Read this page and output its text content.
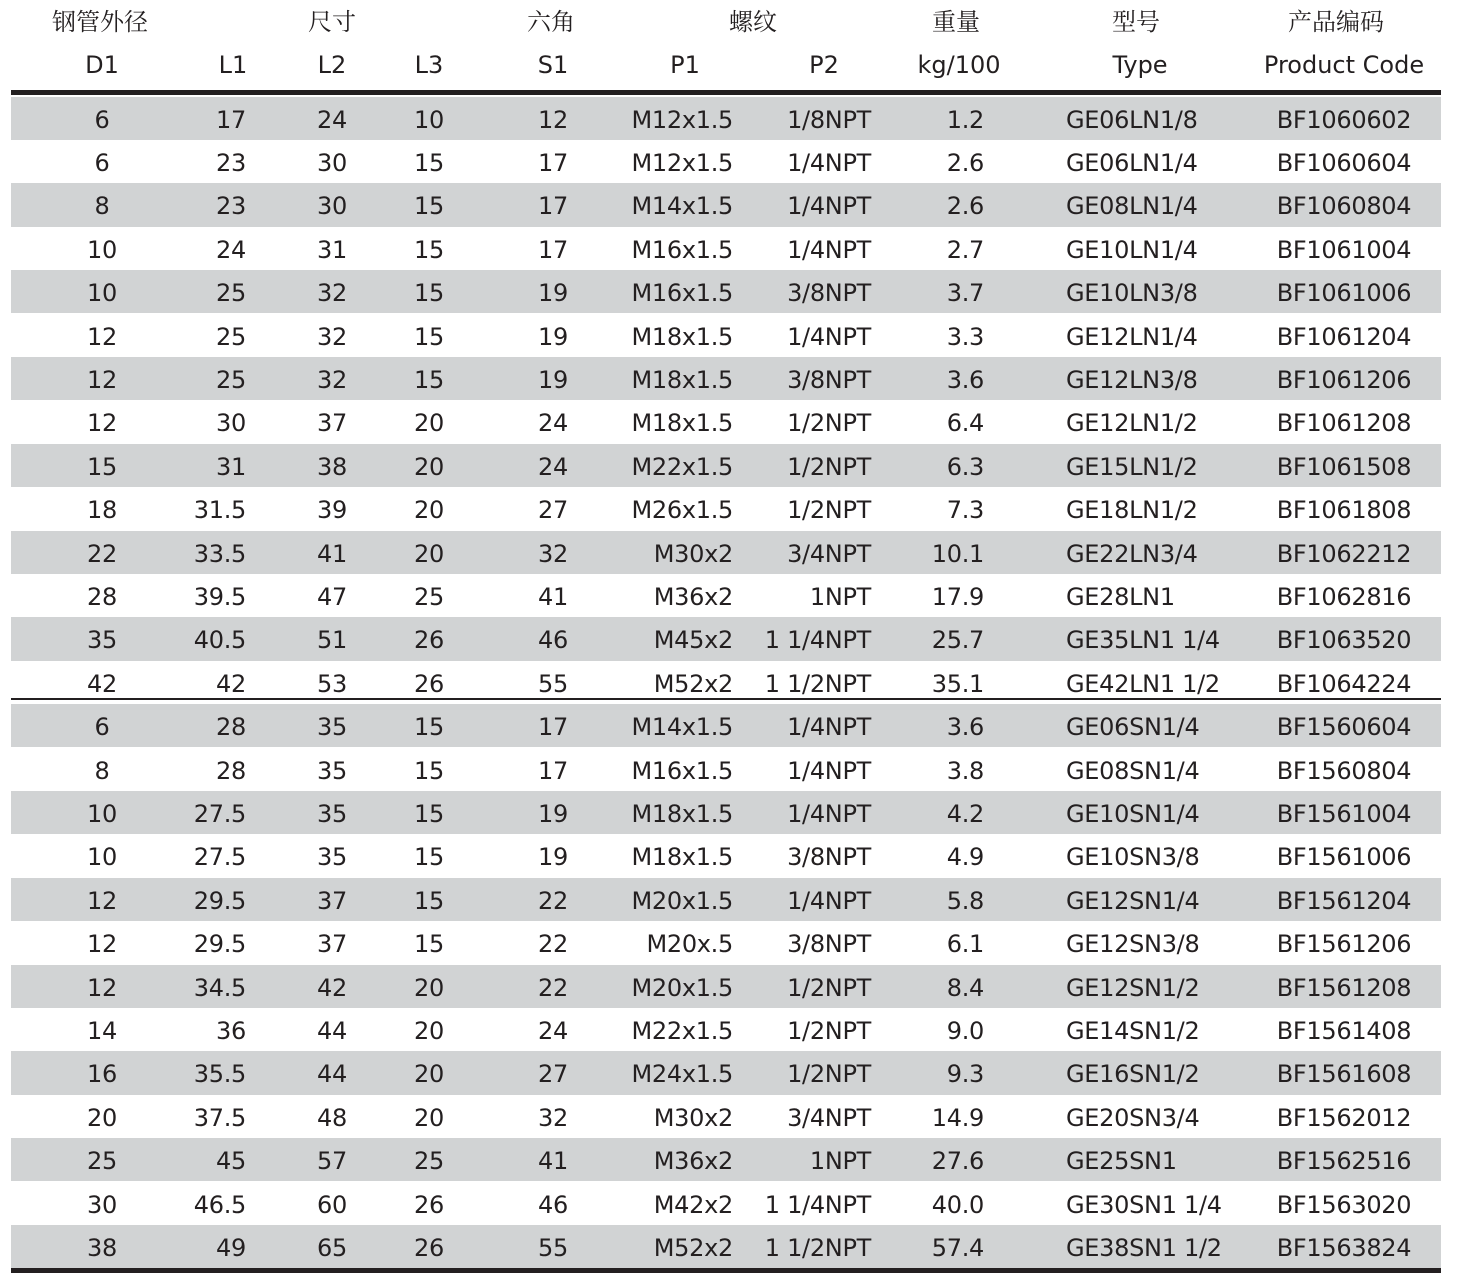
钢管外径	尺寸	六角	螺纹	重量	型号	产品编码
D1	L1	L2	L3	S1	P1	P2	kg/100	Type	Product Code
6	17	24	10	12	M12x1.5	1/8NPT	1.2	GE06LN1/8	BF1060602
6	23	30	15	17	M12x1.5	1/4NPT	2.6	GE06LN1/4	BF1060604
8	23	30	15	17	M14x1.5	1/4NPT	2.6	GE08LN1/4	BF1060804
10	24	31	15	17	M16x1.5	1/4NPT	2.7	GE10LN1/4	BF1061004
10	25	32	15	19	M16x1.5	3/8NPT	3.7	GE10LN3/8	BF1061006
12	25	32	15	19	M18x1.5	1/4NPT	3.3	GE12LN1/4	BF1061204
12	25	32	15	19	M18x1.5	3/8NPT	3.6	GE12LN3/8	BF1061206
12	30	37	20	24	M18x1.5	1/2NPT	6.4	GE12LN1/2	BF1061208
15	31	38	20	24	M22x1.5	1/2NPT	6.3	GE15LN1/2	BF1061508
18	31.5	39	20	27	M26x1.5	1/2NPT	7.3	GE18LN1/2	BF1061808
22	33.5	41	20	32	M30x2	3/4NPT	10.1	GE22LN3/4	BF1062212
28	39.5	47	25	41	M36x2	1NPT	17.9	GE28LN1	BF1062816
35	40.5	51	26	46	M45x2	1 1/4NPT	25.7	GE35LN1 1/4	BF1063520
42	42	53	26	55	M52x2	1 1/2NPT	35.1	GE42LN1 1/2	BF1064224
6	28	35	15	17	M14x1.5	1/4NPT	3.6	GE06SN1/4	BF1560604
8	28	35	15	17	M16x1.5	1/4NPT	3.8	GE08SN1/4	BF1560804
10	27.5	35	15	19	M18x1.5	1/4NPT	4.2	GE10SN1/4	BF1561004
10	27.5	35	15	19	M18x1.5	3/8NPT	4.9	GE10SN3/8	BF1561006
12	29.5	37	15	22	M20x1.5	1/4NPT	5.8	GE12SN1/4	BF1561204
12	29.5	37	15	22	M20x.5	3/8NPT	6.1	GE12SN3/8	BF1561206
12	34.5	42	20	22	M20x1.5	1/2NPT	8.4	GE12SN1/2	BF1561208
14	36	44	20	24	M22x1.5	1/2NPT	9.0	GE14SN1/2	BF1561408
16	35.5	44	20	27	M24x1.5	1/2NPT	9.3	GE16SN1/2	BF1561608
20	37.5	48	20	32	M30x2	3/4NPT	14.9	GE20SN3/4	BF1562012
25	45	57	25	41	M36x2	1NPT	27.6	GE25SN1	BF1562516
30	46.5	60	26	46	M42x2	1 1/4NPT	40.0	GE30SN1 1/4	BF1563020
38	49	65	26	55	M52x2	1 1/2NPT	57.4	GE38SN1 1/2	BF1563824
